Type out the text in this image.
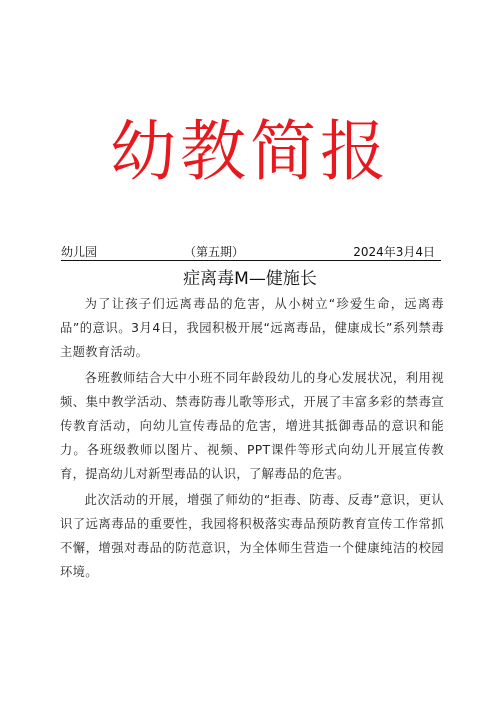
幼教简报
幼儿园	（第五期）	2024年3月4日
症离毒M—健施长

为了让孩子们远离毒品的危害，从小树立“珍爱生命，远离毒品”的意识。3月4日，我园积极开展“远离毒品，健康成长”系列禁毒主题教育活动。

各班教师结合大中小班不同年龄段幼儿的身心发展状况，利用视频、集中教学活动、禁毒防毒儿歌等形式，开展了丰富多彩的禁毒宣传教育活动，向幼儿宣传毒品的危害，增进其抵御毒品的意识和能力。各班级教师以图片、视频、PPT课件等形式向幼儿开展宣传教育，提高幼儿对新型毒品的认识，了解毒品的危害。

此次活动的开展，增强了师幼的“拒毒、防毒、反毒”意识，更认识了远离毒品的重要性，我园将积极落实毒品预防教育宣传工作常抓不懈，增强对毒品的防范意识，为全体师生营造一个健康纯洁的校园环境。
